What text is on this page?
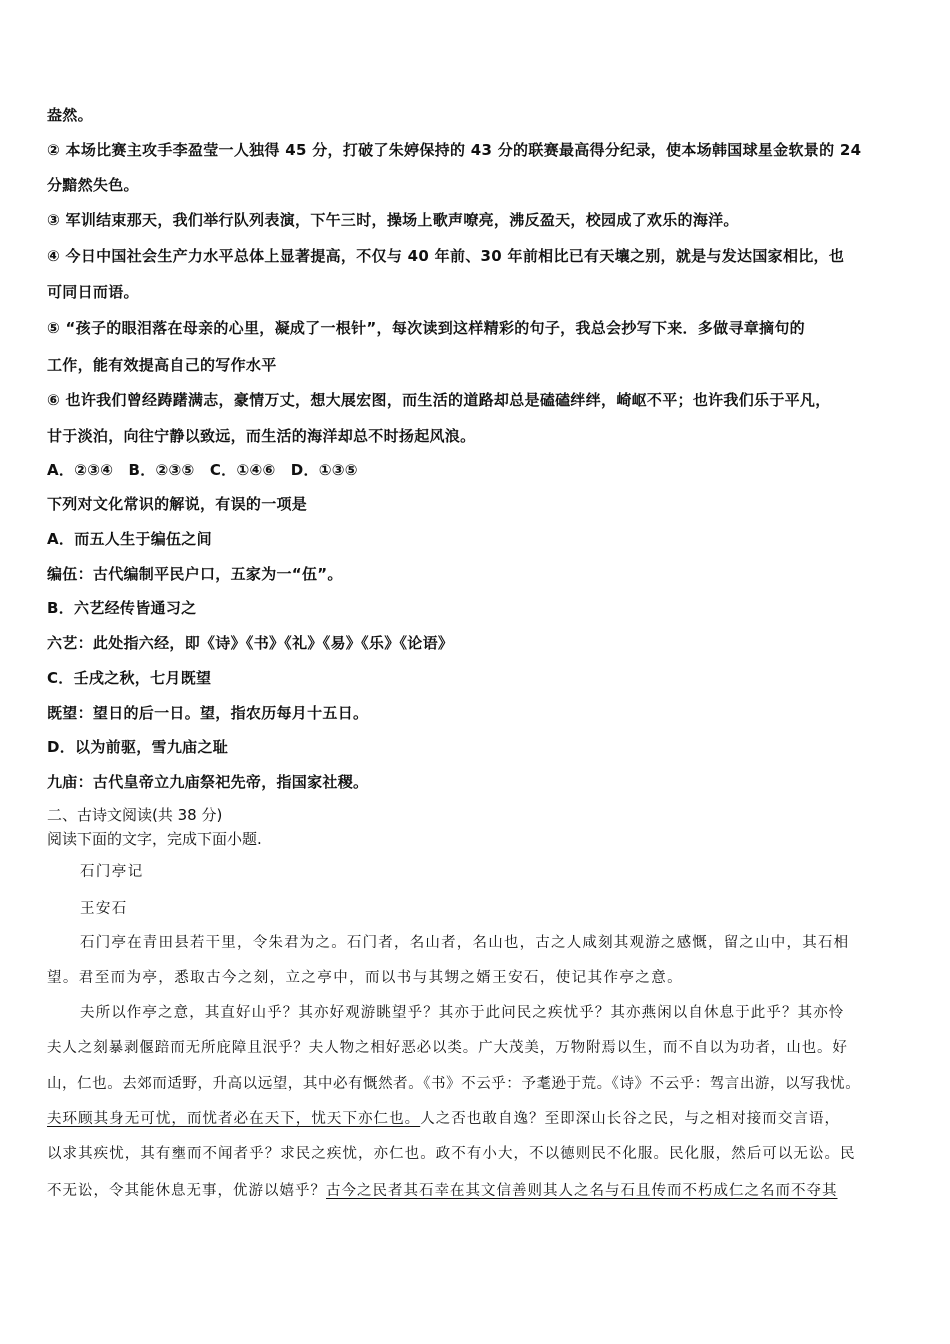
盎然。
② 本场比赛主攻手李盈莹一人独得 45 分，打破了朱婷保持的 43 分的联赛最高得分纪录，使本场韩国球星金软景的 24
分黯然失色。
③ 军训结束那天，我们举行队列表演，下午三时，操场上歌声嘹亮，沸反盈天，校园成了欢乐的海洋。
④ 今日中国社会生产力水平总体上显著提高，不仅与 40 年前、30 年前相比已有天壤之别，就是与发达国家相比，也
可同日而语。
⑤ “孩子的眼泪落在母亲的心里，凝成了一根针”，每次读到这样精彩的句子，我总会抄写下来．多做寻章摘句的
工作，能有效提高自己的写作水平
⑥ 也许我们曾经踌躇满志，豪情万丈，想大展宏图，而生活的道路却总是磕磕绊绊，崎岖不平；也许我们乐于平凡，
甘于淡泊，向往宁静以致远，而生活的海洋却总不时扬起风浪。
A．②③④　B．②③⑤　C．①④⑥　D．①③⑤
下列对文化常识的解说，有误的一项是
A．而五人生于编伍之间
编伍：古代编制平民户口，五家为一“伍”。
B．六艺经传皆通习之
六艺：此处指六经，即《诗》《书》《礼》《易》《乐》《论语》
C．壬戌之秋，七月既望
既望：望日的后一日。望，指农历每月十五日。
D．以为前驱，雪九庙之耻
九庙：古代皇帝立九庙祭祀先帝，指国家社稷。
二、古诗文阅读(共 38 分)
阅读下面的文字，完成下面小题.
石门亭记
王安石
石门亭在青田县若干里，令朱君为之。石门者，名山者，名山也，古之人咸刻其观游之感慨，留之山中，其石相
望。君至而为亭，悉取古今之刻，立之亭中，而以书与其甥之婿王安石，使记其作亭之意。
夫所以作亭之意，其直好山乎？其亦好观游眺望乎？其亦于此问民之疾忧乎？其亦燕闲以自休息于此乎？其亦怜
夫人之刻暴剥偃踣而无所庇障且泯乎？夫人物之相好恶必以类。广大茂美，万物附焉以生，而不自以为功者，山也。好
山，仁也。去郊而适野，升高以远望，其中必有慨然者。《书》不云乎：予耄逊于荒。《诗》不云乎：驾言出游，以写我忧。
夫环顾其身无可忧，而忧者必在天下，忧天下亦仁也。人之否也敢自逸？至即深山长谷之民，与之相对接而交言语，
以求其疾忧，其有壅而不闻者乎？求民之疾忧，亦仁也。政不有小大，不以德则民不化服。民化服，然后可以无讼。民
不无讼，令其能休息无事，优游以嬉乎？古今之民者其石幸在其文信善则其人之名与石且传而不朽成仁之名而不夺其
